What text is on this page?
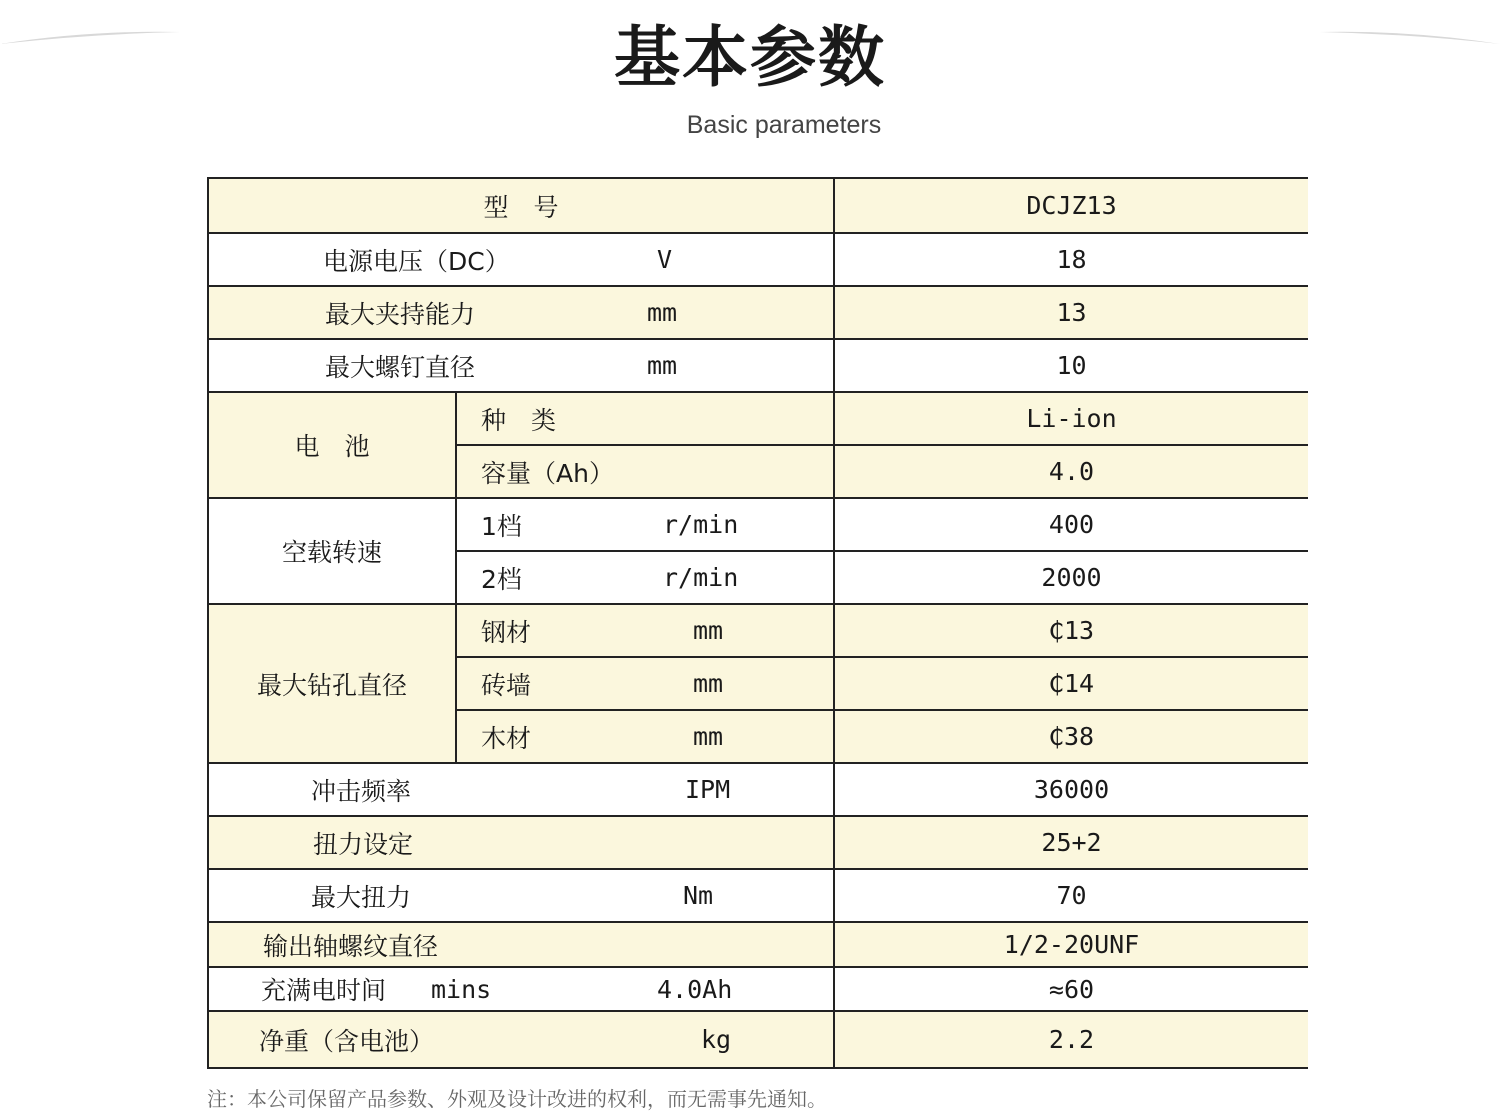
基本参数
Basic parameters
型　号	DCJZ13
电源电压（DC）	V	18
最大夹持能力	mm	13
最大螺钉直径	mm	10
电　池
种　类	Li-ion
容量（Ah）	4.0
空载转速
1档	r/min	400
2档	r/min	2000
最大钻孔直径
钢材	mm	₵13
砖墙	mm	₵14
木材	mm	₵38
冲击频率	IPM	36000
扭力设定	25+2
最大扭力	Nm	70
输出轴螺纹直径	1/2-20UNF
充满电时间 mins	4.0Ah	≈60
净重（含电池）	kg	2.2
注：本公司保留产品参数、外观及设计改进的权利，而无需事先通知。
